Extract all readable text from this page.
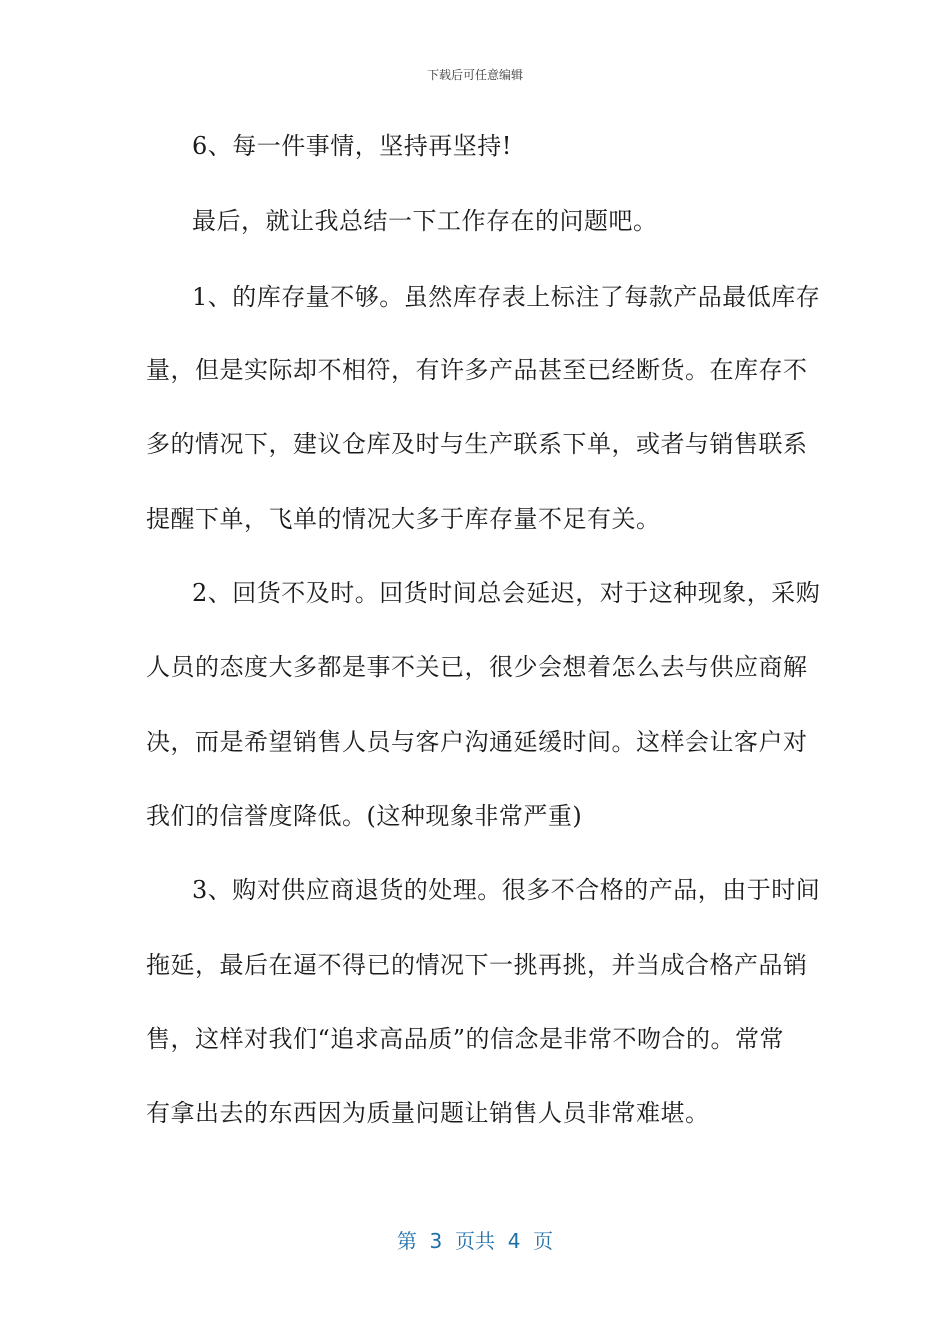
下载后可任意编辑
6、每一件事情，坚持再坚持!
最后，就让我总结一下工作存在的问题吧。
1、的库存量不够。虽然库存表上标注了每款产品最低库存
量，但是实际却不相符，有许多产品甚至已经断货。在库存不
多的情况下，建议仓库及时与生产联系下单，或者与销售联系
提醒下单，飞单的情况大多于库存量不足有关。
2、回货不及时。回货时间总会延迟，对于这种现象，采购
人员的态度大多都是事不关已，很少会想着怎么去与供应商解
决，而是希望销售人员与客户沟通延缓时间。这样会让客户对
我们的信誉度降低。(这种现象非常严重)
3、购对供应商退货的处理。很多不合格的产品，由于时间
拖延，最后在逼不得已的情况下一挑再挑，并当成合格产品销
售，这样对我们“追求高品质”的信念是非常不吻合的。常常
有拿出去的东西因为质量问题让销售人员非常难堪。
第  3  页共  4  页
